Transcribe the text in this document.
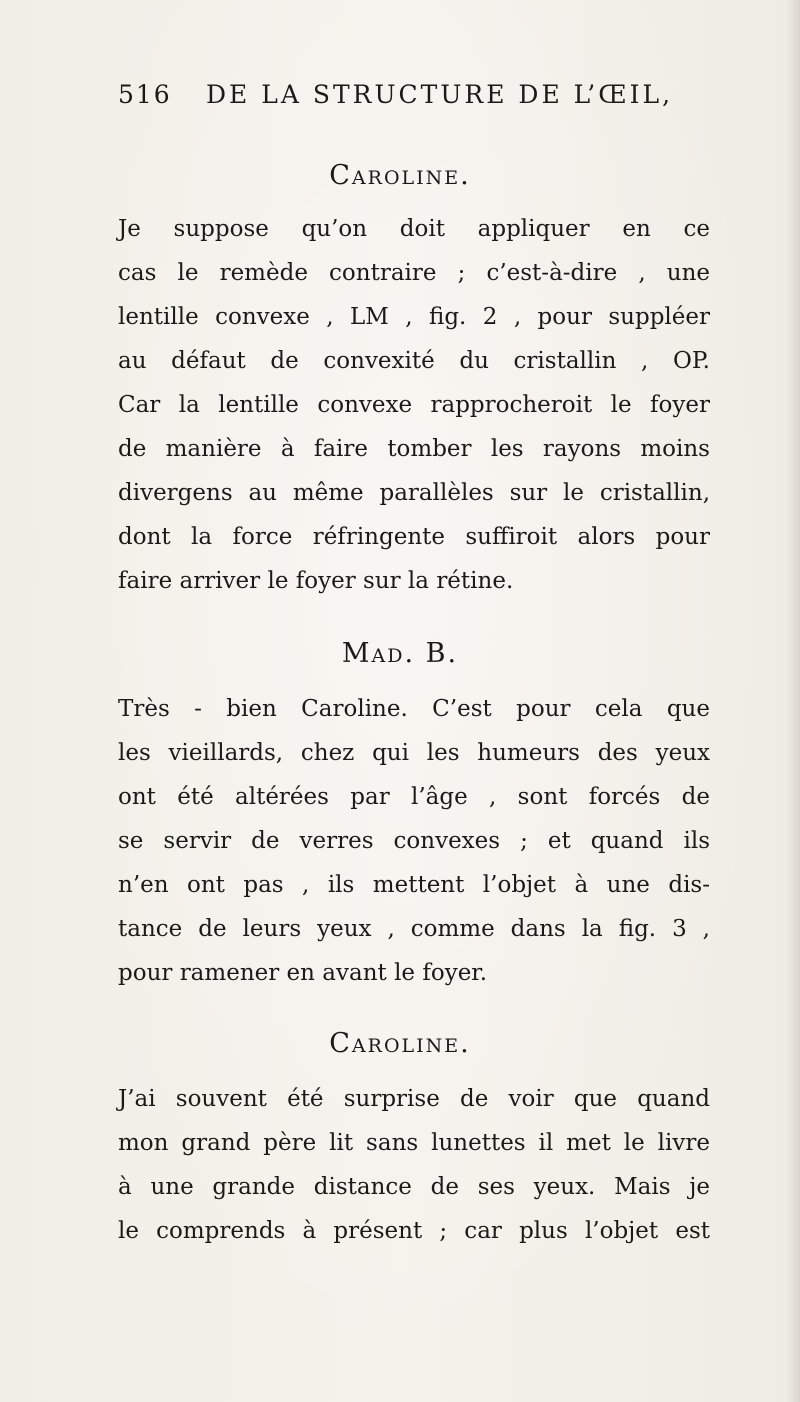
516 DE LA STRUCTURE DE L’ŒIL,
Caroline.
Je suppose qu’on doit appliquer en ce
cas le remède contraire ; c’est-à-dire , une
lentille convexe , LM , fig. 2 , pour suppléer
au défaut de convexité du cristallin , OP.
Car la lentille convexe rapprocheroit le foyer
de manière à faire tomber les rayons moins
divergens au même parallèles sur le cristallin,
dont la force réfringente suffiroit alors pour
faire arriver le foyer sur la rétine.
Mad. B.
Très - bien Caroline. C’est pour cela que
les vieillards, chez qui les humeurs des yeux
ont été altérées par l’âge , sont forcés de
se servir de verres convexes ; et quand ils
n’en ont pas , ils mettent l’objet à une dis-
tance de leurs yeux , comme dans la fig. 3 ,
pour ramener en avant le foyer.
Caroline.
J’ai souvent été surprise de voir que quand
mon grand père lit sans lunettes il met le livre
à une grande distance de ses yeux. Mais je
le comprends à présent ; car plus l’objet est
